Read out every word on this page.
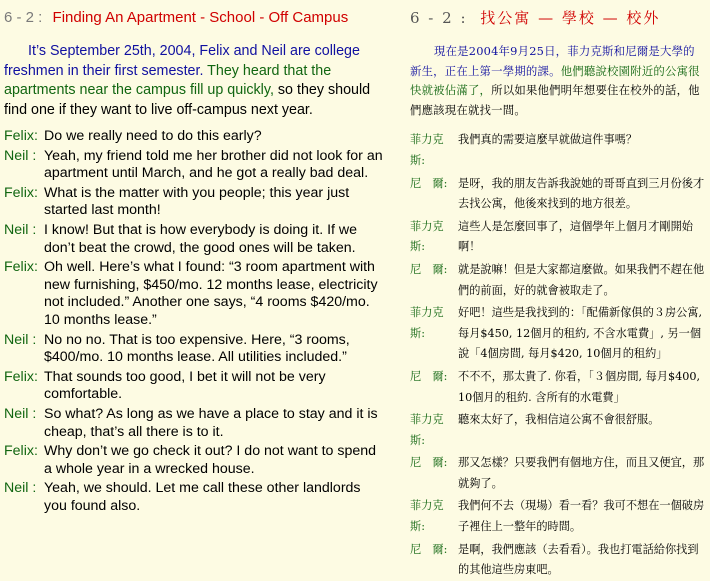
6 - 2 : Finding An Apartment - School - Off Campus

It’s September 25th, 2004, Felix and Neil are college freshmen in their first semester. They heard that the apartments near the campus fill up quickly, so they should find one if they want to live off-campus next year.

Felix: Do we really need to do this early?
Neil : Yeah, my friend told me her brother did not look for an apartment until March, and he got a really bad deal.
Felix: What is the matter with you people; this year just started last month!
Neil : I know! But that is how everybody is doing it. If we don’t beat the crowd, the good ones will be taken.
Felix: Oh well. Here’s what I found: “3 room apartment with new furnishing, $450/mo. 12 months lease, electricity not included.” Another one says, “4 rooms $420/mo. 10 months lease.”
Neil : No no no. That is too expensive. Here, “3 rooms, $400/mo. 10 months lease. All utilities included.”
Felix: That sounds too good, I bet it will not be very comfortable.
Neil : So what? As long as we have a place to stay and it is cheap, that’s all there is to it.
Felix: Why don’t we go check it out? I do not want to spend a whole year in a wrecked house.
Neil : Yeah, we should. Let me call these other landlords you found also.
6 - 2 : 找公寓 — 學校 — 校外

現在是2004年9月25日，菲力克斯和尼爾是大學的新生，正在上第一學期的課。他們聽說校園附近的公寓很快就被佔滿了，所以如果他們明年想要住在校外的話，他們應該現在就找一間。

菲力克斯:
我們真的需要這麼早就做這件事嗎？
尼　爾: 是呀，我的朋友告訴我說她的哥哥直到三月份後才去找公寓，他後來找到的地方很差。
菲力克斯:
這些人是怎麼回事了，這個學年上個月才剛開始啊！
尼　爾: 就是說嘛！但是大家都這麼做。如果我們不趕在他們的前面，好的就會被取走了。
菲力克斯:
好吧！這些是我找到的：「配備新傢俱的３房公寓, 每月$450, 12個月的租約, 不含水電費」, 另一個說「4個房間, 每月$420, 10個月的租約」
尼　爾: 不不不，那太貴了. 你看，「３個房間, 每月$400, 10個月的租約. 含所有的水電費」
菲力克斯:
聽來太好了，我相信這公寓不會很舒服。
尼　爾: 那又怎樣？只要我們有個地方住，而且又便宜，那就夠了。
菲力克斯:
我們何不去（現場）看一看？我可不想在一個破房子裡住上一整年的時間。
尼　爾: 是啊，我們應該（去看看）。我也打電話給你找到的其他這些房東吧。
